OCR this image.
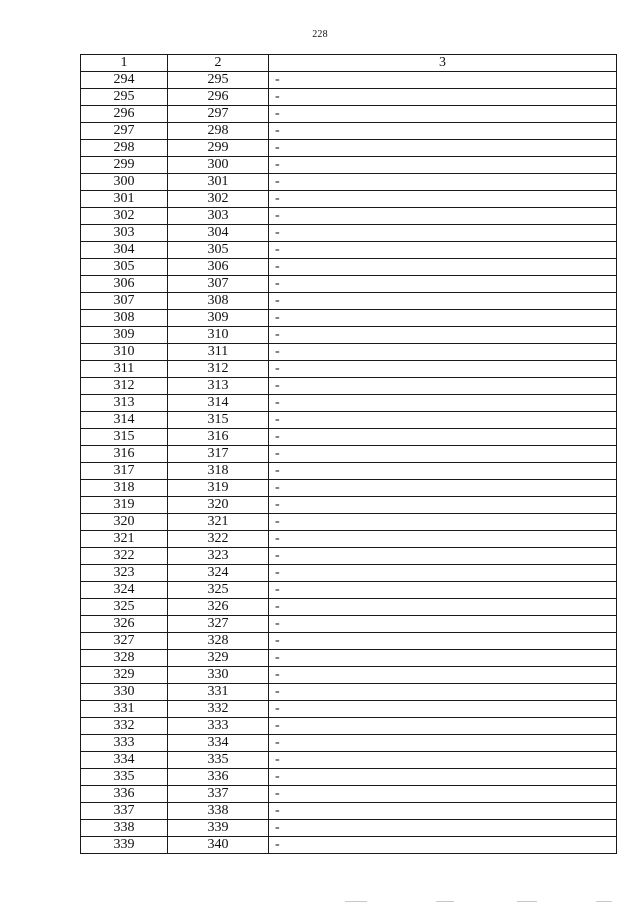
228
1	2	3
294	295	-
295	296	-
296	297	-
297	298	-
298	299	-
299	300	-
300	301	-
301	302	-
302	303	-
303	304	-
304	305	-
305	306	-
306	307	-
307	308	-
308	309	-
309	310	-
310	311	-
311	312	-
312	313	-
313	314	-
314	315	-
315	316	-
316	317	-
317	318	-
318	319	-
319	320	-
320	321	-
321	322	-
322	323	-
323	324	-
324	325	-
325	326	-
326	327	-
327	328	-
328	329	-
329	330	-
330	331	-
331	332	-
332	333	-
333	334	-
334	335	-
335	336	-
336	337	-
337	338	-
338	339	-
339	340	-
